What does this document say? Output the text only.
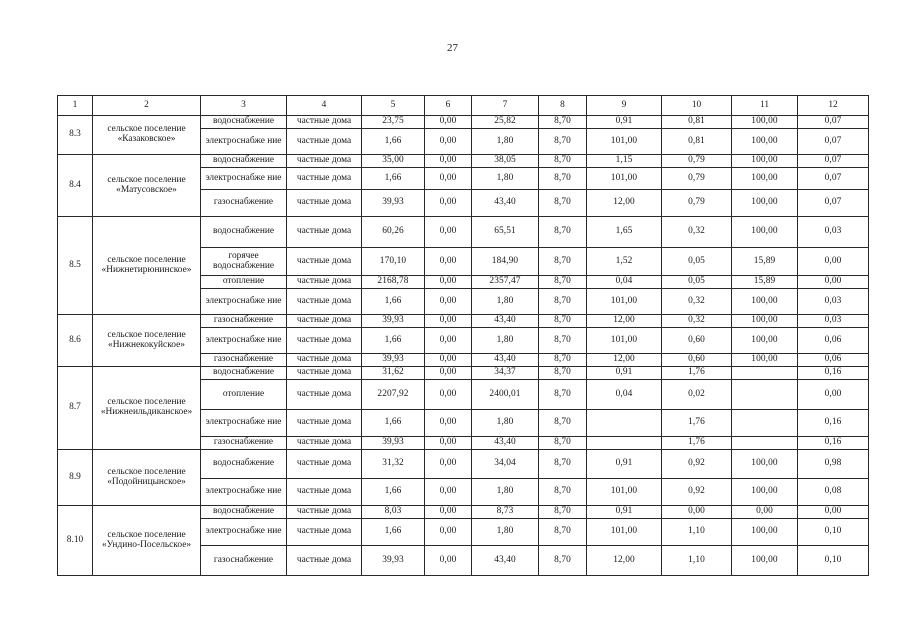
27
1	2	3	4	5	6	7	8	9	10	11	12
8.3	сельское поселение «Казаковское»	водоснабжение	частные дома	23,75	0,00	25,82	8,70	0,91	0,81	100,00	0,07
		электроснабже ние	частные дома	1,66	0,00	1,80	8,70	101,00	0,81	100,00	0,07
8.4	сельское поселение «Матусовское»	водоснабжение	частные дома	35,00	0,00	38,05	8,70	1,15	0,79	100,00	0,07
		электроснабже ние	частные дома	1,66	0,00	1,80	8,70	101,00	0,79	100,00	0,07
		газоснабжение	частные дома	39,93	0,00	43,40	8,70	12,00	0,79	100,00	0,07
8.5	сельское поселение «Нижнетирюнинское»	водоснабжение	частные дома	60,26	0,00	65,51	8,70	1,65	0,32	100,00	0,03
		горячее водоснабжение	частные дома	170,10	0,00	184,90	8,70	1,52	0,05	15,89	0,00
		отопление	частные дома	2168,78	0,00	2357,47	8,70	0,04	0,05	15,89	0,00
		электроснабже ние	частные дома	1,66	0,00	1,80	8,70	101,00	0,32	100,00	0,03
8.6	сельское поселение «Нижнекокуйское»	газоснабжение	частные дома	39,93	0,00	43,40	8,70	12,00	0,32	100,00	0,03
		электроснабже ние	частные дома	1,66	0,00	1,80	8,70	101,00	0,60	100,00	0,06
		газоснабжение	частные дома	39,93	0,00	43,40	8,70	12,00	0,60	100,00	0,06
8.7	сельское поселение «Нижнеильдиканское»	водоснабжение	частные дома	31,62	0,00	34,37	8,70	0,91	1,76		0,16
		отопление	частные дома	2207,92	0,00	2400,01	8,70	0,04	0,02		0,00
		электроснабже ние	частные дома	1,66	0,00	1,80	8,70		1,76		0,16
		газоснабжение	частные дома	39,93	0,00	43,40	8,70		1,76		0,16
8.9	сельское поселение «Подойницынское»	водоснабжение	частные дома	31,32	0,00	34,04	8,70	0,91	0,92	100,00	0,98
		электроснабже ние	частные дома	1,66	0,00	1,80	8,70	101,00	0,92	100,00	0,08
8.10	сельское поселение «Ундино-Посельское»	водоснабжение	частные дома	8,03	0,00	8,73	8,70	0,91	0,00	0,00	0,00
		электроснабже ние	частные дома	1,66	0,00	1,80	8,70	101,00	1,10	100,00	0,10
		газоснабжение	частные дома	39,93	0,00	43,40	8,70	12,00	1,10	100,00	0,10
